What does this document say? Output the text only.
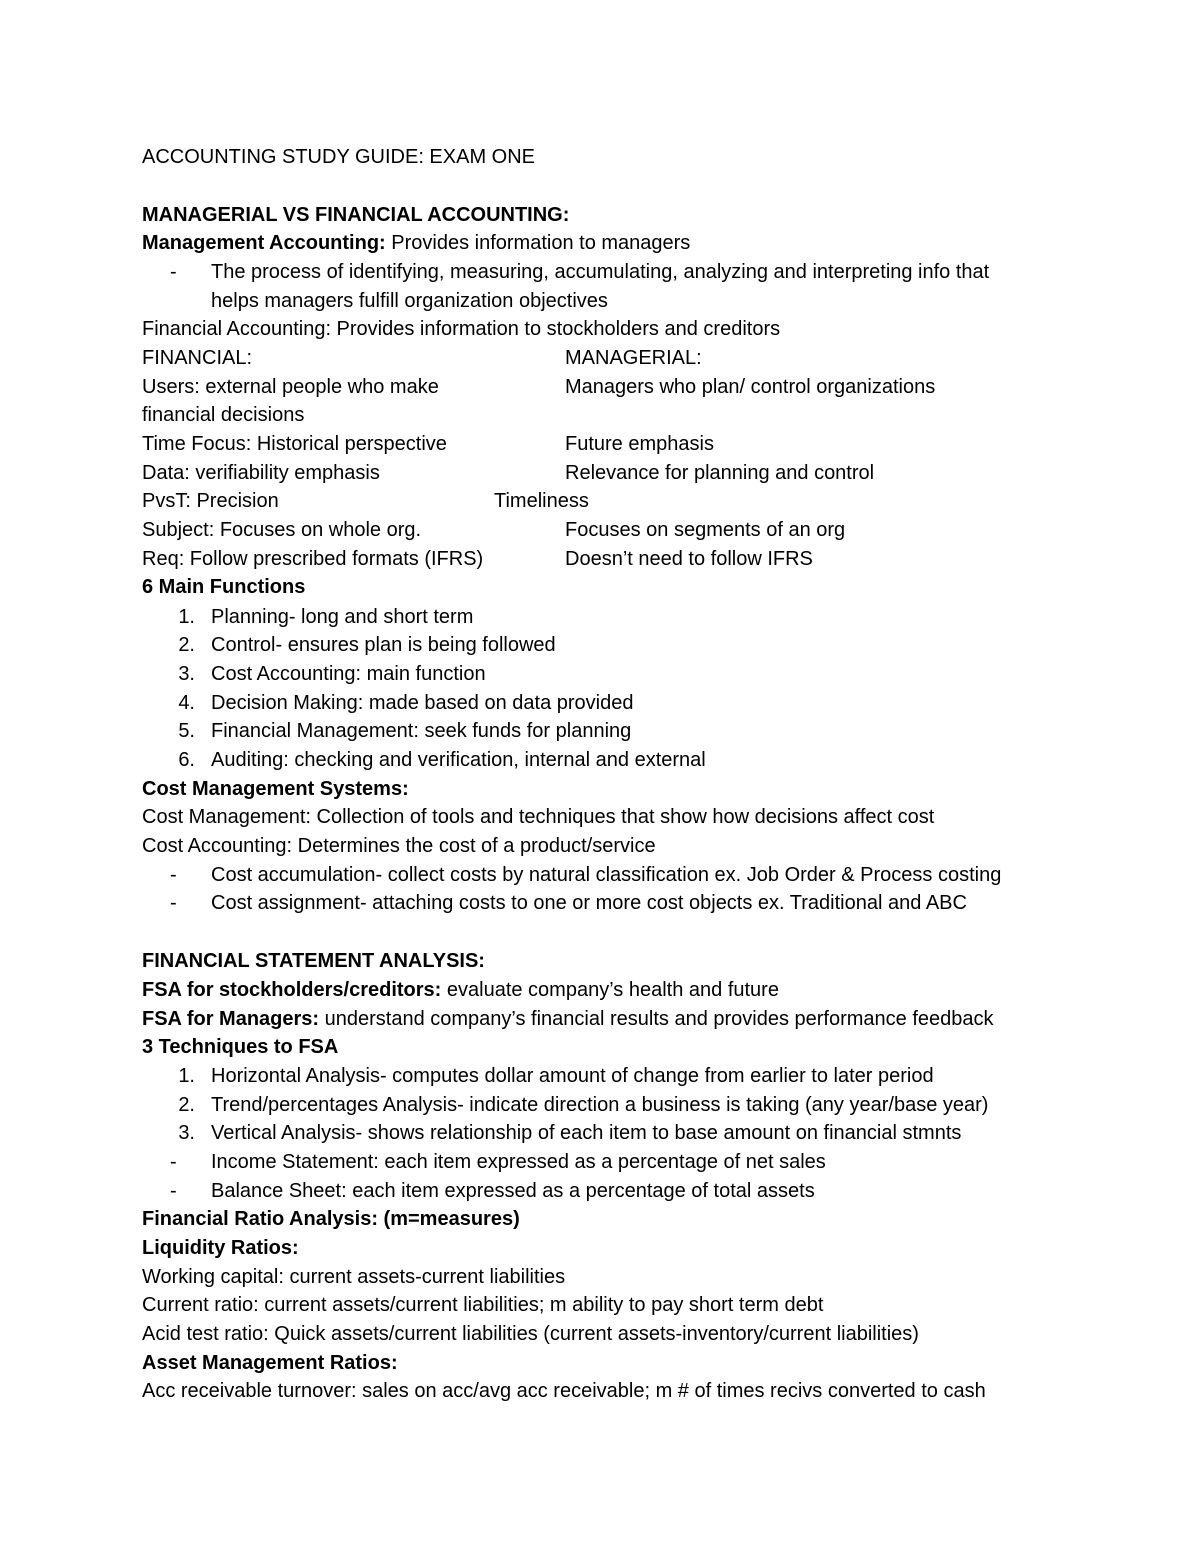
ACCOUNTING STUDY GUIDE: EXAM ONE
MANAGERIAL VS FINANCIAL ACCOUNTING:
Management Accounting: Provides information to managers
- The process of identifying, measuring, accumulating, analyzing and interpreting info that
helps managers fulfill organization objectives
Financial Accounting: Provides information to stockholders and creditors
FINANCIAL:	MANAGERIAL:
Users: external people who make	Managers who plan/ control organizations
financial decisions
Time Focus: Historical perspective	Future emphasis
Data: verifiability emphasis	Relevance for planning and control
PvsT: Precision	Timeliness
Subject: Focuses on whole org.	Focuses on segments of an org
Req: Follow prescribed formats (IFRS)	Doesn’t need to follow IFRS
6 Main Functions
1. Planning- long and short term
2. Control- ensures plan is being followed
3. Cost Accounting: main function
4. Decision Making: made based on data provided
5. Financial Management: seek funds for planning
6. Auditing: checking and verification, internal and external
Cost Management Systems:
Cost Management: Collection of tools and techniques that show how decisions affect cost
Cost Accounting: Determines the cost of a product/service
- Cost accumulation- collect costs by natural classification ex. Job Order & Process costing
- Cost assignment- attaching costs to one or more cost objects ex. Traditional and ABC
FINANCIAL STATEMENT ANALYSIS:
FSA for stockholders/creditors: evaluate company’s health and future
FSA for Managers: understand company’s financial results and provides performance feedback
3 Techniques to FSA
1. Horizontal Analysis- computes dollar amount of change from earlier to later period
2. Trend/percentages Analysis- indicate direction a business is taking (any year/base year)
3. Vertical Analysis- shows relationship of each item to base amount on financial stmnts
- Income Statement: each item expressed as a percentage of net sales
- Balance Sheet: each item expressed as a percentage of total assets
Financial Ratio Analysis: (m=measures)
Liquidity Ratios:
Working capital: current assets-current liabilities
Current ratio: current assets/current liabilities; m ability to pay short term debt
Acid test ratio: Quick assets/current liabilities (current assets-inventory/current liabilities)
Asset Management Ratios:
Acc receivable turnover: sales on acc/avg acc receivable; m # of times recivs converted to cash
